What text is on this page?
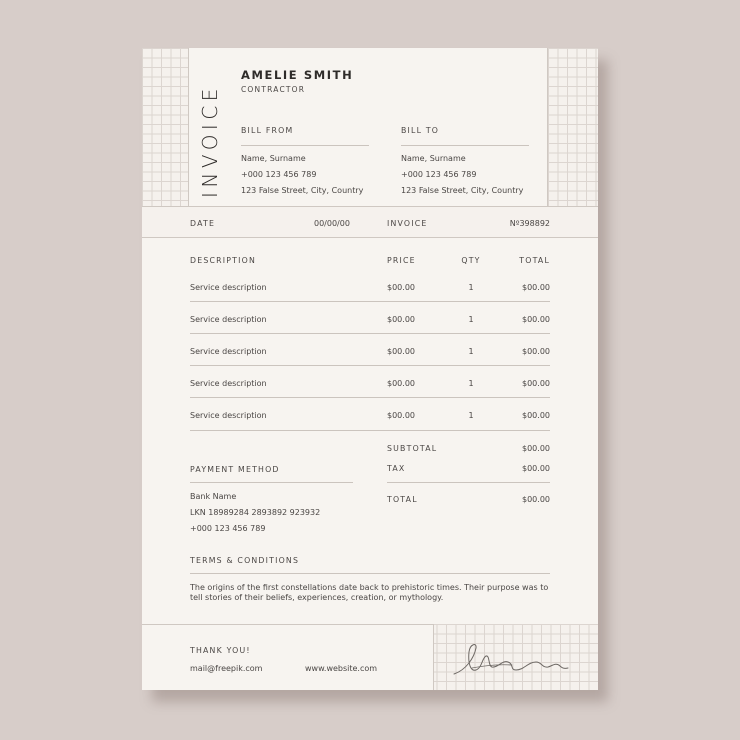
INVOICE
AMELIE SMITH
CONTRACTOR
BILL FROM
Name, Surname
+000 123 456 789
123 False Street, City, Country
BILL TO
Name, Surname
+000 123 456 789
123 False Street, City, Country
DATE	00/00/00	INVOICE	Nº398892
DESCRIPTION	PRICE	QTY	TOTAL
Service description	$00.00	1	$00.00
Service description	$00.00	1	$00.00
Service description	$00.00	1	$00.00
Service description	$00.00	1	$00.00
Service description	$00.00	1	$00.00
SUBTOTAL	$00.00
TAX	$00.00
TOTAL	$00.00
PAYMENT METHOD
Bank Name
LKN 18989284 2893892 923932
+000 123 456 789
TERMS & CONDITIONS
The origins of the first constellations date back to prehistoric times. Their purpose was to tell stories of their beliefs, experiences, creation, or mythology.
THANK YOU!
mail@freepik.com	www.website.com
